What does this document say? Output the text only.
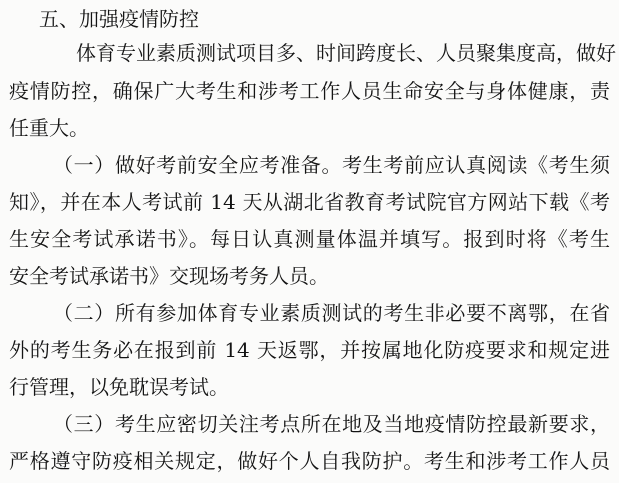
五、加强疫情防控
体育专业素质测试项目多、时间跨度长、人员聚集度高，做好
疫情防控，确保广大考生和涉考工作人员生命安全与身体健康，责
任重大。
（一）做好考前安全应考准备。考生考前应认真阅读《考生须
知》，并在本人考试前 14 天从湖北省教育考试院官方网站下载《考
生安全考试承诺书》。每日认真测量体温并填写。报到时将《考生
安全考试承诺书》交现场考务人员。
（二）所有参加体育专业素质测试的考生非必要不离鄂，在省
外的考生务必在报到前 14 天返鄂，并按属地化防疫要求和规定进
行管理，以免耽误考试。
（三）考生应密切关注考点所在地及当地疫情防控最新要求，
严格遵守防疫相关规定，做好个人自我防护。考生和涉考工作人员
